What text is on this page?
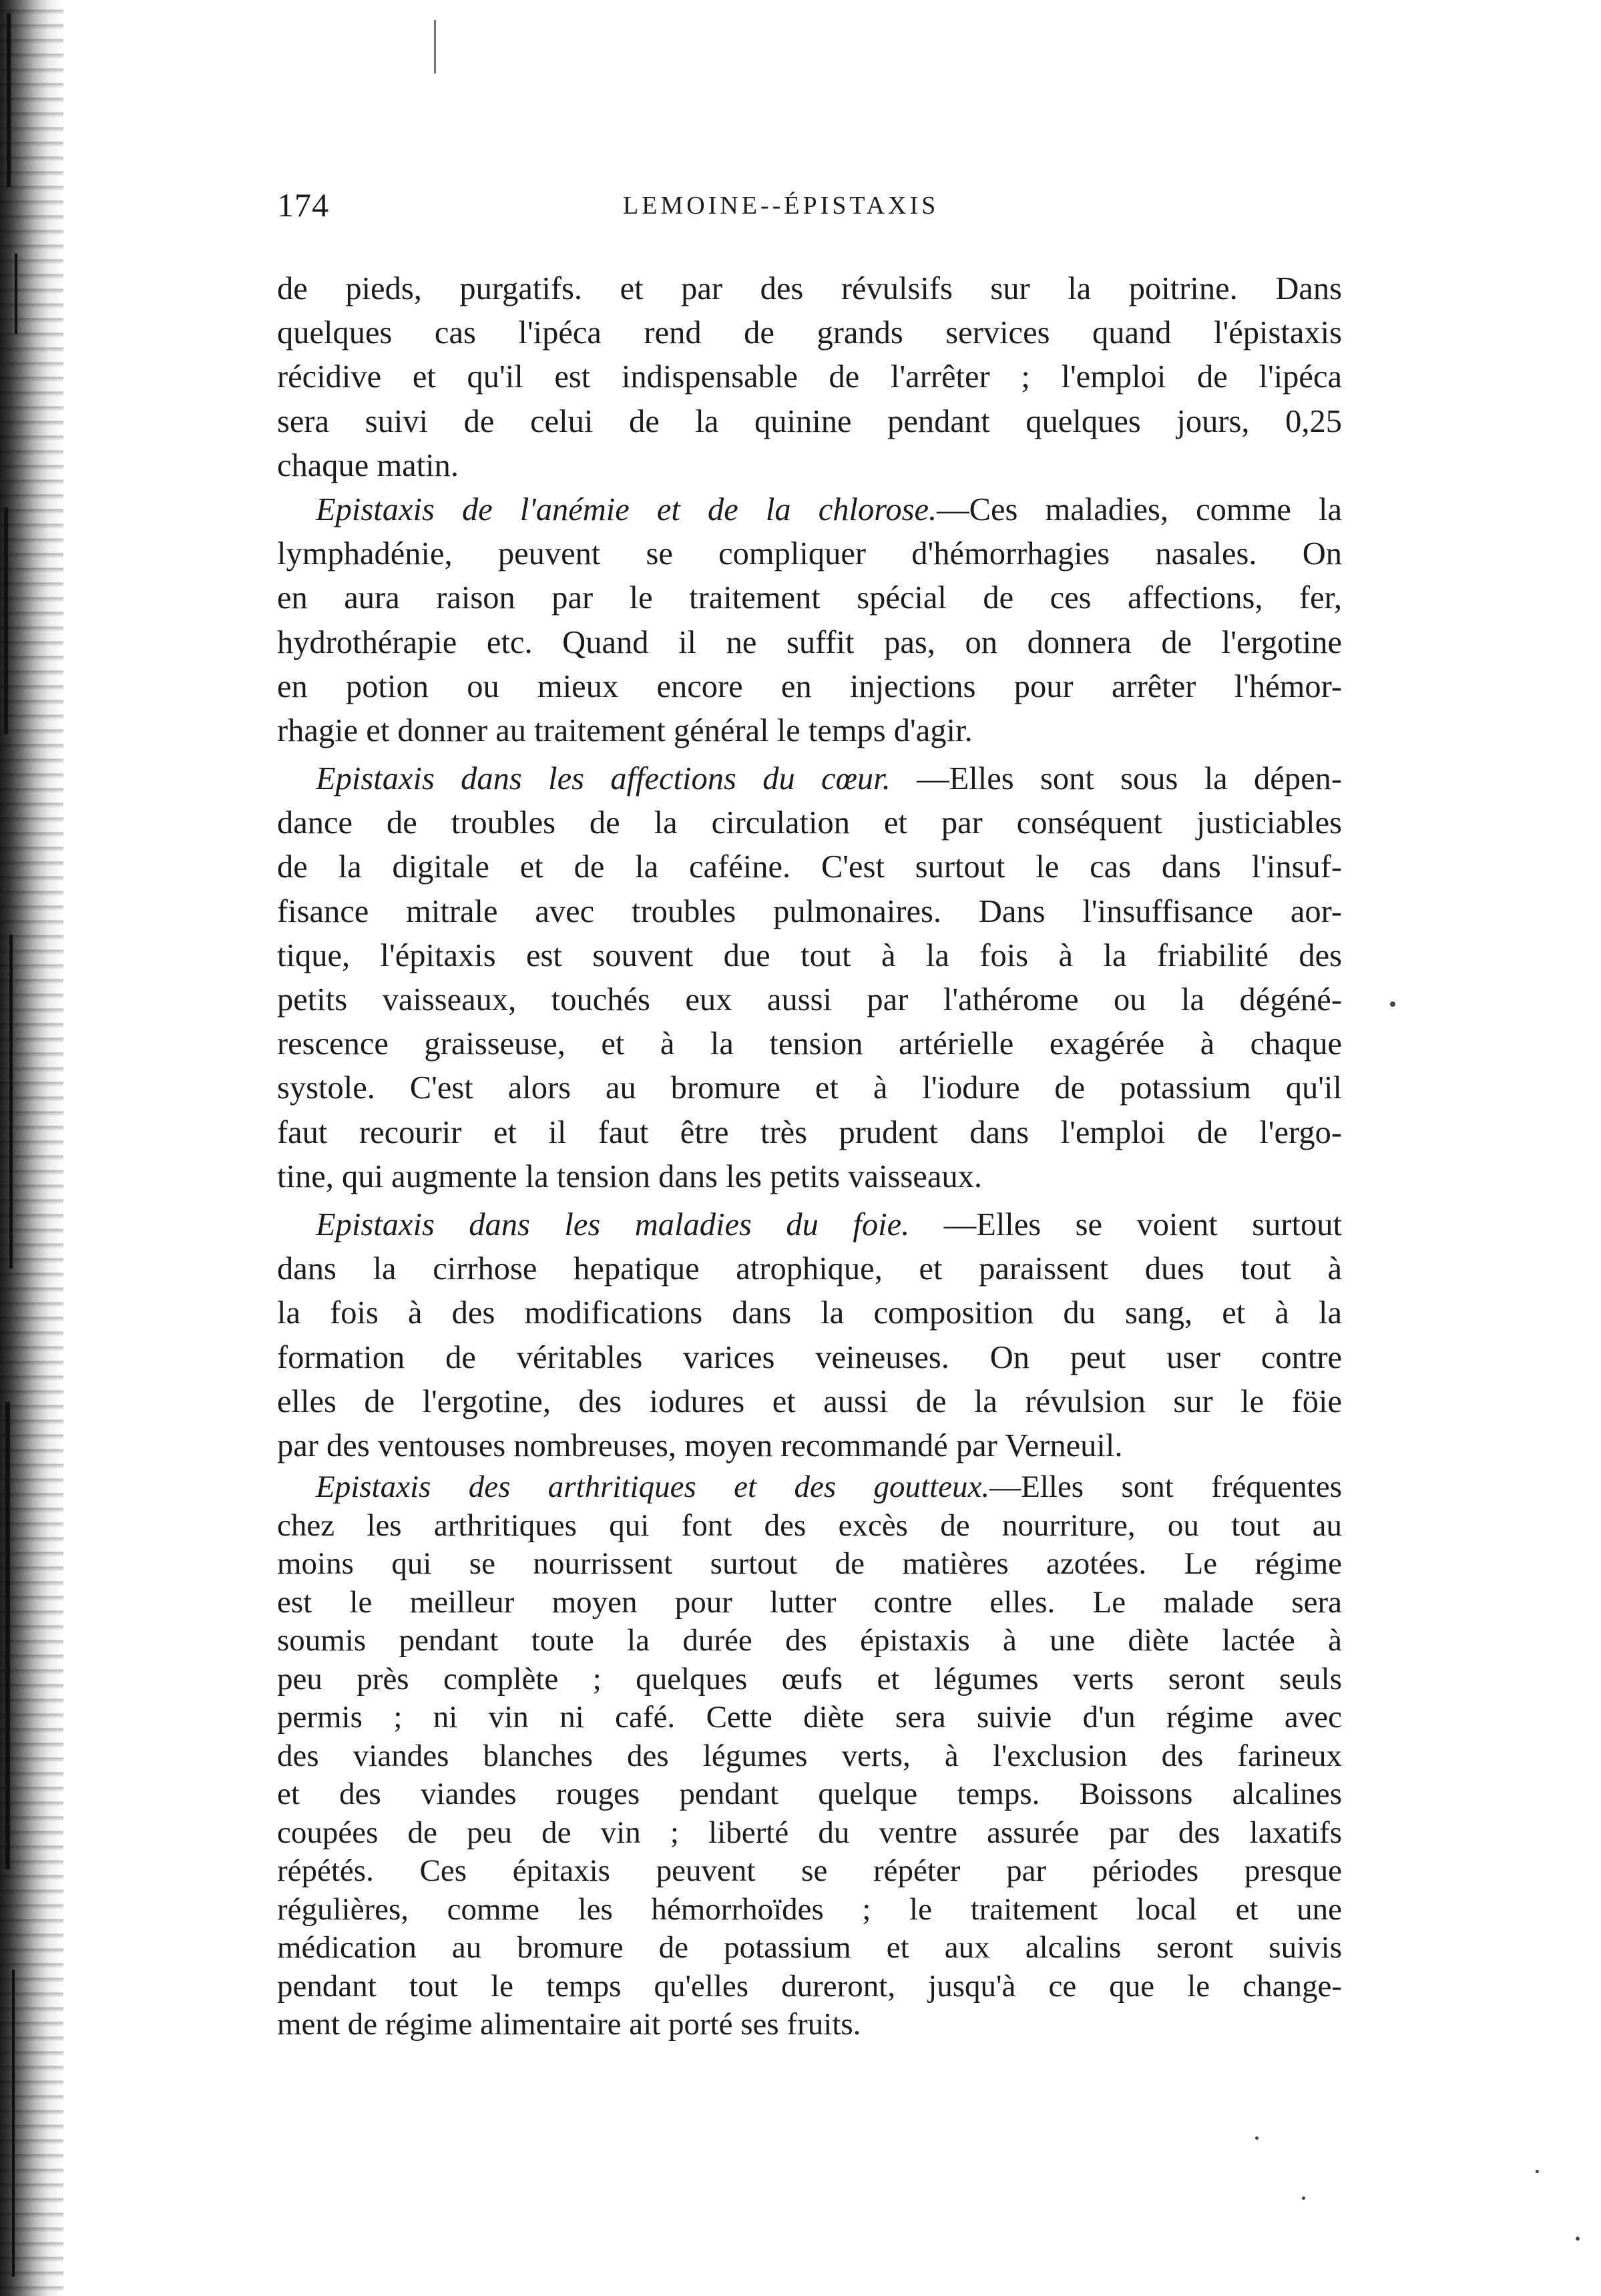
174	LEMOINE--ÉPISTAXIS
de pieds, purgatifs. et par des révulsifs sur la poitrine. Dans
quelques cas l'ipéca rend de grands services quand l'épistaxis
récidive et qu'il est indispensable de l'arrêter ; l'emploi de l'ipéca
sera suivi de celui de la quinine pendant quelques jours, 0,25
chaque matin.
Epistaxis de l'anémie et de la chlorose.—Ces maladies, comme la
lymphadénie, peuvent se compliquer d'hémorrhagies nasales. On
en aura raison par le traitement spécial de ces affections, fer,
hydrothérapie etc. Quand il ne suffit pas, on donnera de l'ergotine
en potion ou mieux encore en injections pour arrêter l'hémor-
rhagie et donner au traitement général le temps d'agir.
Epistaxis dans les affections du cœur. —Elles sont sous la dépen-
dance de troubles de la circulation et par conséquent justiciables
de la digitale et de la caféine. C'est surtout le cas dans l'insuf-
fisance mitrale avec troubles pulmonaires. Dans l'insuffisance aor-
tique, l'épitaxis est souvent due tout à la fois à la friabilité des
petits vaisseaux, touchés eux aussi par l'athérome ou la dégéné-
rescence graisseuse, et à la tension artérielle exagérée à chaque
systole. C'est alors au bromure et à l'iodure de potassium qu'il
faut recourir et il faut être très prudent dans l'emploi de l'ergo-
tine, qui augmente la tension dans les petits vaisseaux.
Epistaxis dans les maladies du foie. —Elles se voient surtout
dans la cirrhose hepatique atrophique, et paraissent dues tout à
la fois à des modifications dans la composition du sang, et à la
formation de véritables varices veineuses. On peut user contre
elles de l'ergotine, des iodures et aussi de la révulsion sur le föie
par des ventouses nombreuses, moyen recommandé par Verneuil.
Epistaxis des arthritiques et des goutteux.—Elles sont fréquentes
chez les arthritiques qui font des excès de nourriture, ou tout au
moins qui se nourrissent surtout de matières azotées. Le régime
est le meilleur moyen pour lutter contre elles. Le malade sera
soumis pendant toute la durée des épistaxis à une diète lactée à
peu près complète ; quelques œufs et légumes verts seront seuls
permis ; ni vin ni café. Cette diète sera suivie d'un régime avec
des viandes blanches des légumes verts, à l'exclusion des farineux
et des viandes rouges pendant quelque temps. Boissons alcalines
coupées de peu de vin ; liberté du ventre assurée par des laxatifs
répétés. Ces épitaxis peuvent se répéter par périodes presque
régulières, comme les hémorrhoïdes ; le traitement local et une
médication au bromure de potassium et aux alcalins seront suivis
pendant tout le temps qu'elles dureront, jusqu'à ce que le change-
ment de régime alimentaire ait porté ses fruits.
